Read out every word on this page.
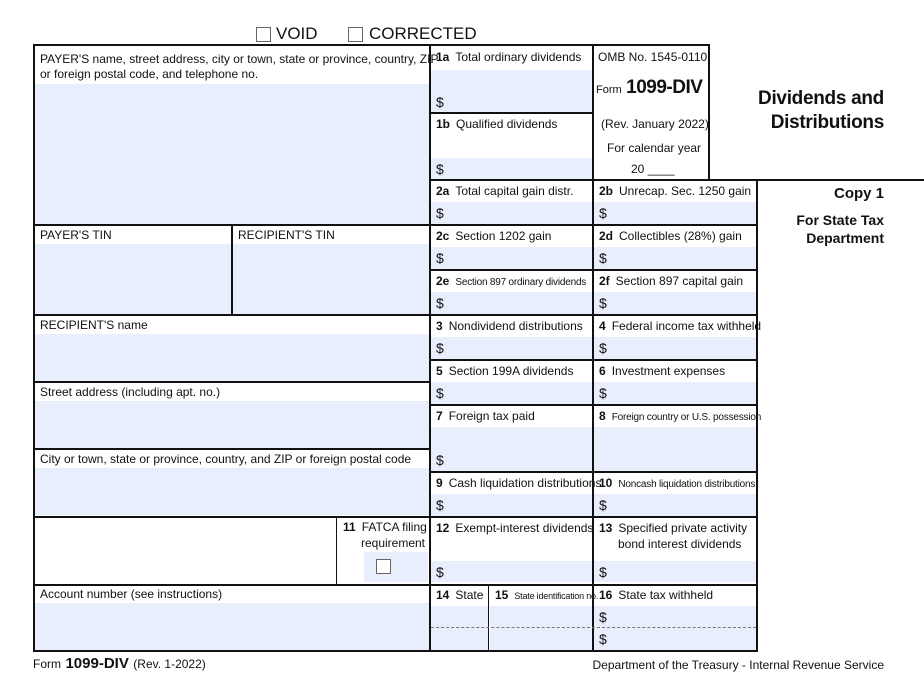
VOID	CORRECTED
PAYER'S name, street address, city or town, state or province, country, ZIP
or foreign postal code, and telephone no.
PAYER'S TIN	RECIPIENT'S TIN
RECIPIENT'S name
Street address (including apt. no.)
City or town, state or province, country, and ZIP or foreign postal code
Account number (see instructions)
11 FATCA filing
requirement
1a Total ordinary dividends
$
1b Qualified dividends
$
2a Total capital gain distr.
$
2b Unrecap. Sec. 1250 gain
$
2c Section 1202 gain
$
2d Collectibles (28%) gain
$
2e Section 897 ordinary dividends
$
2f Section 897 capital gain
$
3 Nondividend distributions
$
4 Federal income tax withheld
$
5 Section 199A dividends
$
6 Investment expenses
$
7 Foreign tax paid
$
8 Foreign country or U.S. possession
9 Cash liquidation distributions
$
10 Noncash liquidation distributions
$
12 Exempt-interest dividends
$
13 Specified private activity
bond interest dividends
$
14 State 15 State identification no. 16 State tax withheld
$
$
OMB No. 1545-0110
Form 1099-DIV
(Rev. January 2022)
For calendar year
20 ____
Dividends and
Distributions
Copy 1
For State Tax
Department
Form 1099-DIV (Rev. 1-2022)	Department of the Treasury - Internal Revenue Service
